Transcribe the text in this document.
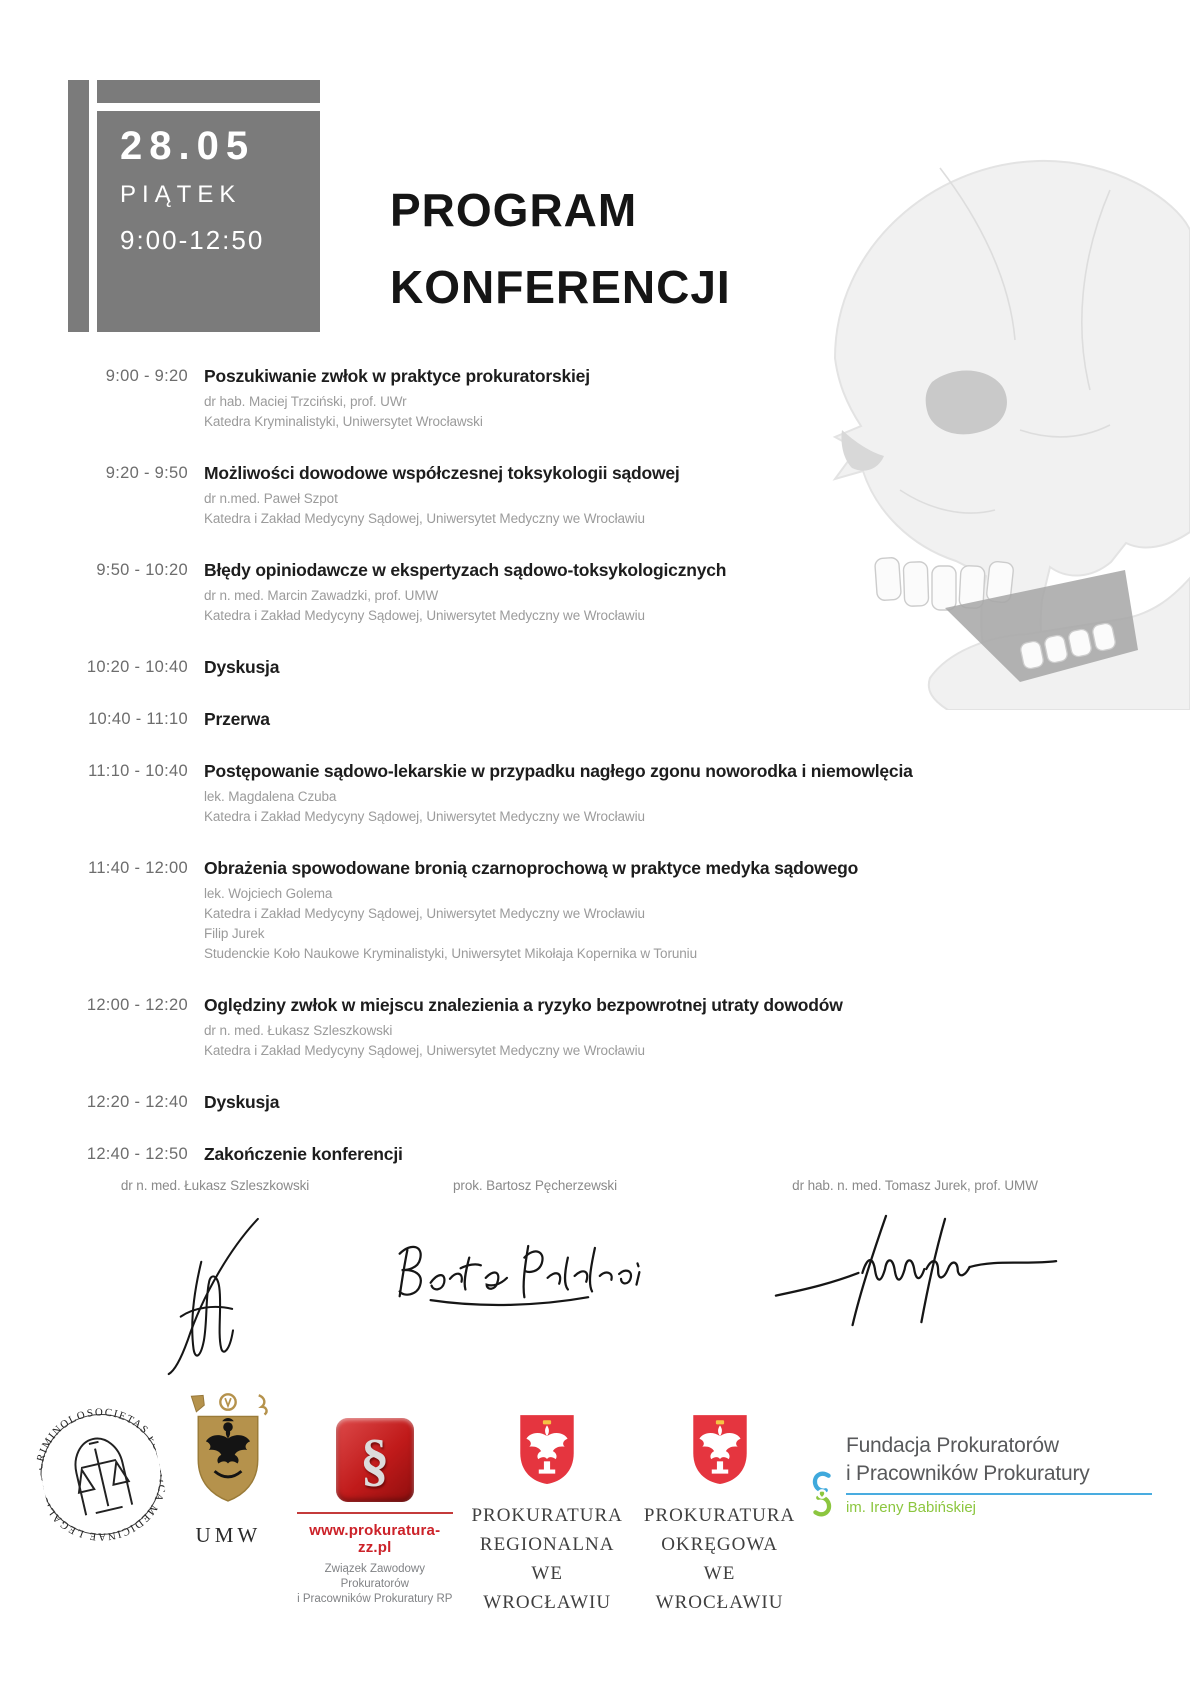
28.05
PIĄTEK
9:00-12:50
PROGRAM
KONFERENCJI
9:00 - 9:20 Poszukiwanie zwłok w praktyce prokuratorskiej
dr hab. Maciej Trzciński, prof. UWr
Katedra Kryminalistyki, Uniwersytet Wrocławski
9:20 - 9:50 Możliwości dowodowe współczesnej toksykologii sądowej
dr n.med. Paweł Szpot
Katedra i Zakład Medycyny Sądowej, Uniwersytet Medyczny we Wrocławiu
9:50 - 10:20 Błędy opiniodawcze w ekspertyzach sądowo-toksykologicznych
dr n. med. Marcin Zawadzki, prof. UMW
Katedra i Zakład Medycyny Sądowej, Uniwersytet Medyczny we Wrocławiu
10:20 - 10:40 Dyskusja
10:40 - 11:10 Przerwa
11:10 - 10:40 Postępowanie sądowo-lekarskie w przypadku nagłego zgonu noworodka i niemowlęcia
lek. Magdalena Czuba
Katedra i Zakład Medycyny Sądowej, Uniwersytet Medyczny we Wrocławiu
11:40 - 12:00 Obrażenia spowodowane bronią czarnoprochową w praktyce medyka sądowego
lek. Wojciech Golema
Katedra i Zakład Medycyny Sądowej, Uniwersytet Medyczny we Wrocławiu
Filip Jurek
Studenckie Koło Naukowe Kryminalistyki, Uniwersytet Mikołaja Kopernika w Toruniu
12:00 - 12:20 Oględziny zwłok w miejscu znalezienia a ryzyko bezpowrotnej utraty dowodów
dr n. med. Łukasz Szleszkowski
Katedra i Zakład Medycyny Sądowej, Uniwersytet Medyczny we Wrocławiu
12:20 - 12:40 Dyskusja
12:40 - 12:50 Zakończenie konferencji
dr n. med. Łukasz Szleszkowski	prok. Bartosz Pęcherzewski	dr hab. n. med. Tomasz Jurek, prof. UMW
SOCIETAS POLONICA MEDICINAE LEGALIS ET CRIMINOLOGIAE
UMW
§
www.prokuratura-zz.pl
Związek Zawodowy Prokuratorów
i Pracowników Prokuratury RP
PROKURATURA
REGIONALNA
WE WROCŁAWIU
PROKURATURA
OKRĘGOWA
WE WROCŁAWIU
Fundacja Prokuratorów
i Pracowników Prokuratury
im. Ireny Babińskiej
